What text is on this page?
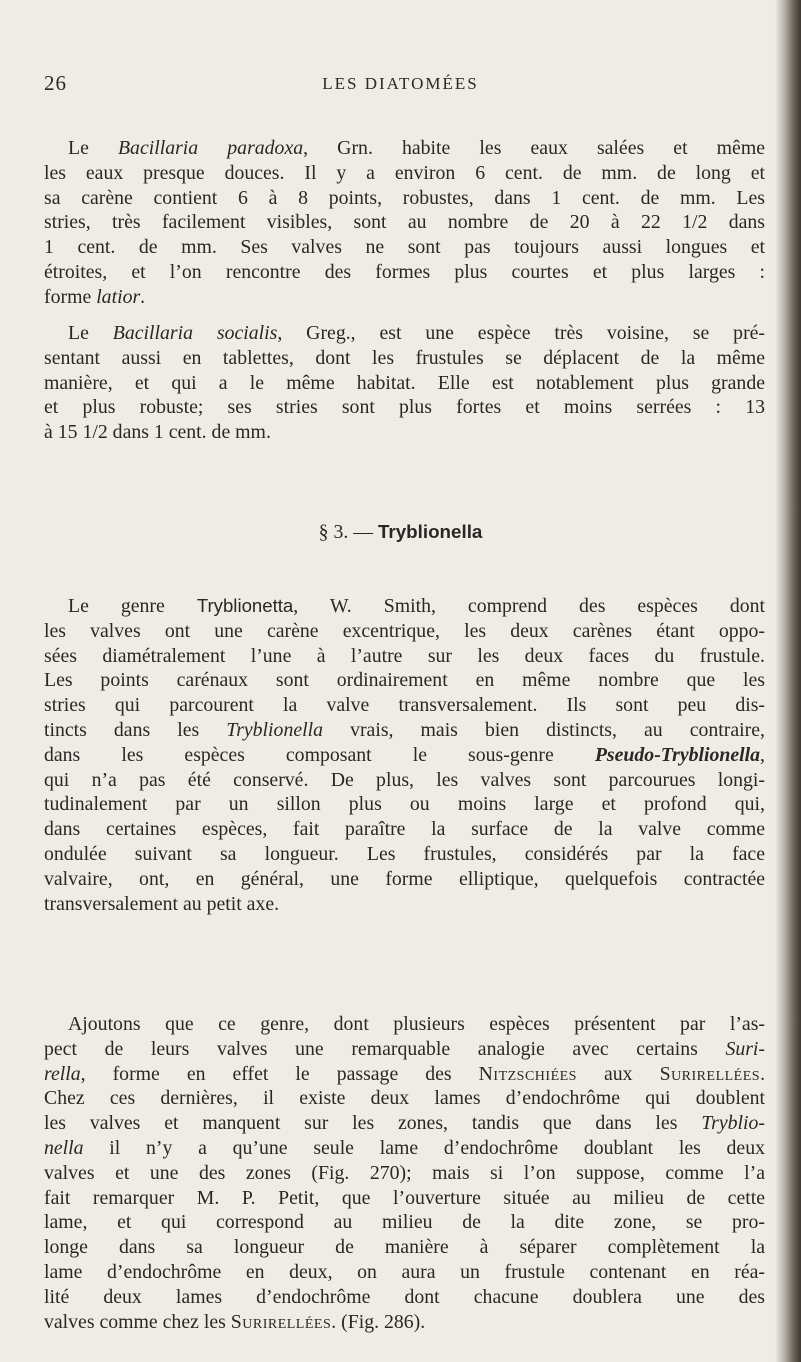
26	LES DIATOMÉES
Le Bacillaria paradoxa, Grn. habite les eaux salées et même
les eaux presque douces. Il y a environ 6 cent. de mm. de long et
sa carène contient 6 à 8 points, robustes, dans 1 cent. de mm. Les
stries, très facilement visibles, sont au nombre de 20 à 22 1/2 dans
1 cent. de mm. Ses valves ne sont pas toujours aussi longues et
étroites, et l’on rencontre des formes plus courtes et plus larges :
forme latior.
Le Bacillaria socialis, Greg., est une espèce très voisine, se pré-
sentant aussi en tablettes, dont les frustules se déplacent de la même
manière, et qui a le même habitat. Elle est notablement plus grande
et plus robuste; ses stries sont plus fortes et moins serrées : 13
à 15 1/2 dans 1 cent. de mm.
§ 3. — Tryblionella
Le genre Tryblionetta, W. Smith, comprend des espèces dont
les valves ont une carène excentrique, les deux carènes étant oppo-
sées diamétralement l’une à l’autre sur les deux faces du frustule.
Les points carénaux sont ordinairement en même nombre que les
stries qui parcourent la valve transversalement. Ils sont peu dis-
tincts dans les Tryblionella vrais, mais bien distincts, au contraire,
dans les espèces composant le sous-genre Pseudo-Tryblionella,
qui n’a pas été conservé. De plus, les valves sont parcourues longi-
tudinalement par un sillon plus ou moins large et profond qui,
dans certaines espèces, fait paraître la surface de la valve comme
ondulée suivant sa longueur. Les frustules, considérés par la face
valvaire, ont, en général, une forme elliptique, quelquefois contractée
transversalement au petit axe.
Ajoutons que ce genre, dont plusieurs espèces présentent par l’as-
pect de leurs valves une remarquable analogie avec certains Suri-
rella, forme en effet le passage des Nitzschiées aux Surirellées.
Chez ces dernières, il existe deux lames d’endochrôme qui doublent
les valves et manquent sur les zones, tandis que dans les Tryblio-
nella il n’y a qu’une seule lame d’endochrôme doublant les deux
valves et une des zones (Fig. 270); mais si l’on suppose, comme l’a
fait remarquer M. P. Petit, que l’ouverture située au milieu de cette
lame, et qui correspond au milieu de la dite zone, se pro-
longe dans sa longueur de manière à séparer complètement la
lame d’endochrôme en deux, on aura un frustule contenant en réa-
lité deux lames d’endochrôme dont chacune doublera une des
valves comme chez les Surirellées. (Fig. 286).
